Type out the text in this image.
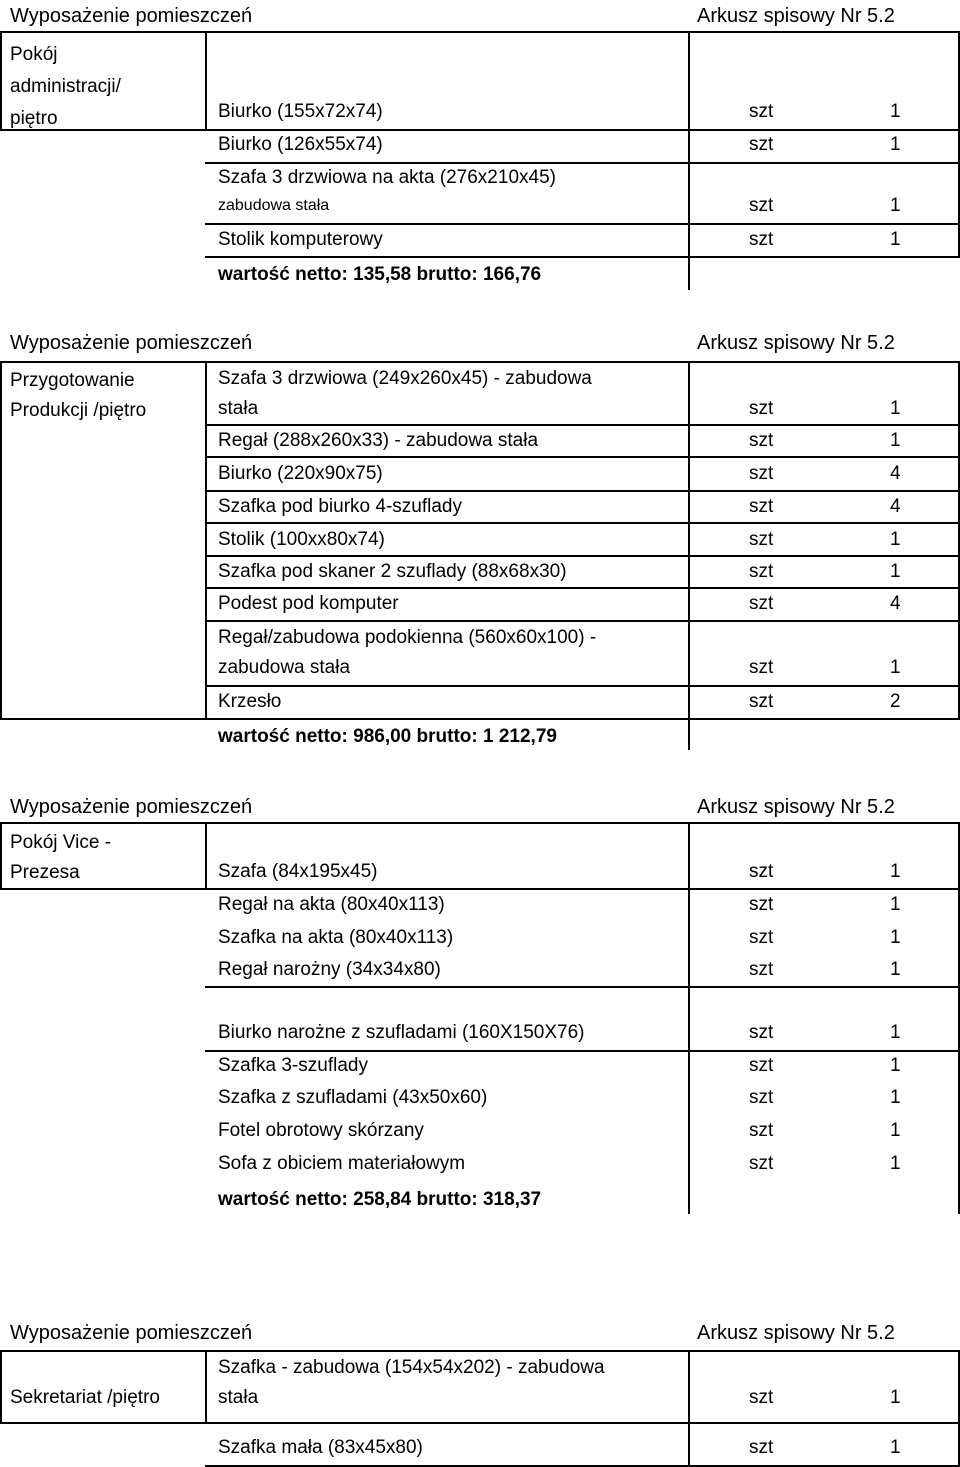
Wyposażenie pomieszczeń	Arkusz spisowy Nr 5.2
Pokój
administracji/
piętro	Biurko (155x72x74)	szt	1
Biurko (126x55x74)	szt	1
Szafa 3 drzwiowa na akta (276x210x45)
zabudowa stała	szt	1
Stolik komputerowy	szt	1
wartość netto: 135,58 brutto: 166,76
Wyposażenie pomieszczeń	Arkusz spisowy Nr 5.2
Przygotowanie
Produkcji /piętro
Szafa 3 drzwiowa (249x260x45) - zabudowa
stała	szt	1
Regał (288x260x33) - zabudowa stała	szt	1
Biurko (220x90x75)	szt	4
Szafka pod biurko 4-szuflady	szt	4
Stolik (100xx80x74)	szt	1
Szafka pod skaner 2 szuflady (88x68x30)	szt	1
Podest pod komputer	szt	4
Regał/zabudowa podokienna (560x60x100) -
zabudowa stała	szt	1
Krzesło	szt	2
wartość netto: 986,00 brutto: 1 212,79
Wyposażenie pomieszczeń	Arkusz spisowy Nr 5.2
Pokój Vice -
Prezesa	Szafa (84x195x45)	szt	1
Regał na akta (80x40x113)	szt	1
Szafka na akta (80x40x113)	szt	1
Regał narożny (34x34x80)	szt	1
Biurko narożne z szufladami (160X150X76)	szt	1
Szafka 3-szuflady	szt	1
Szafka z szufladami (43x50x60)	szt	1
Fotel obrotowy skórzany	szt	1
Sofa z obiciem materiałowym	szt	1
wartość netto: 258,84 brutto: 318,37
Wyposażenie pomieszczeń	Arkusz spisowy Nr 5.2
Sekretariat /piętro
Szafka - zabudowa (154x54x202) - zabudowa
stała	szt	1
Szafka mała (83x45x80)	szt	1
